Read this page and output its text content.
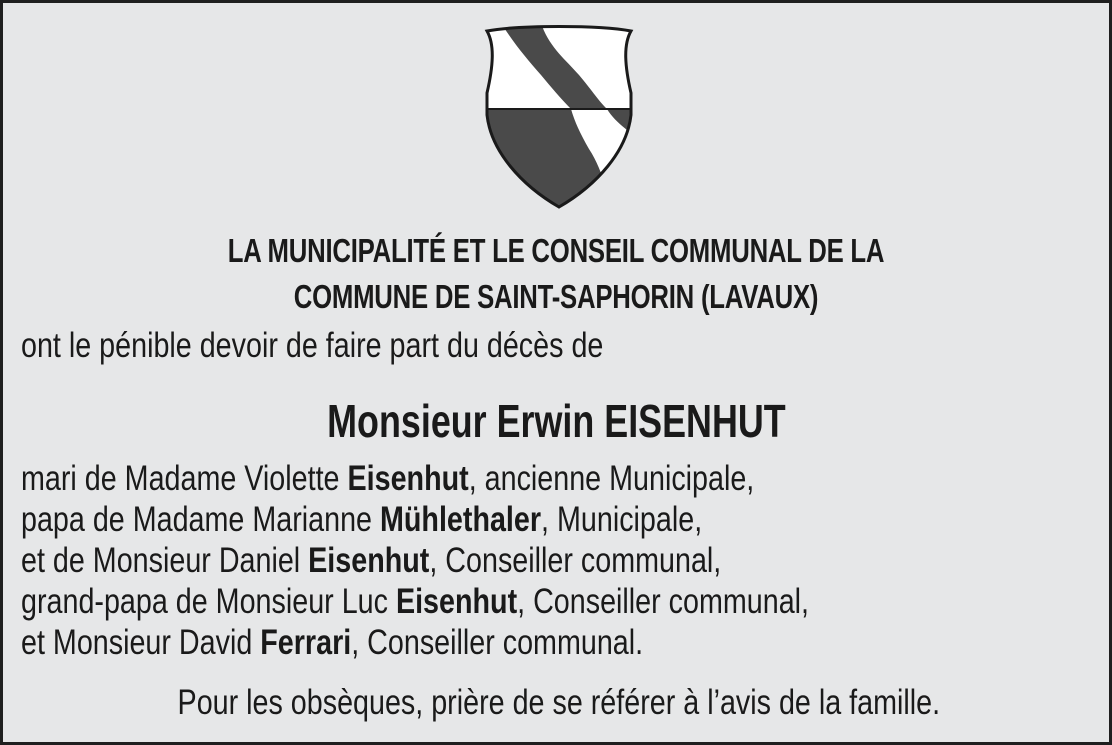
LA MUNICIPALITÉ ET LE CONSEIL COMMUNAL DE LA
COMMUNE DE SAINT-SAPHORIN (LAVAUX)

ont le pénible devoir de faire part du décès de

Monsieur Erwin EISENHUT

mari de Madame Violette Eisenhut, ancienne Municipale,

papa de Madame Marianne Mühlethaler, Municipale,

et de Monsieur Daniel Eisenhut, Conseiller communal,

grand-papa de Monsieur Luc Eisenhut, Conseiller communal,

et Monsieur David Ferrari, Conseiller communal.

Pour les obsèques, prière de se référer à l’avis de la famille.
